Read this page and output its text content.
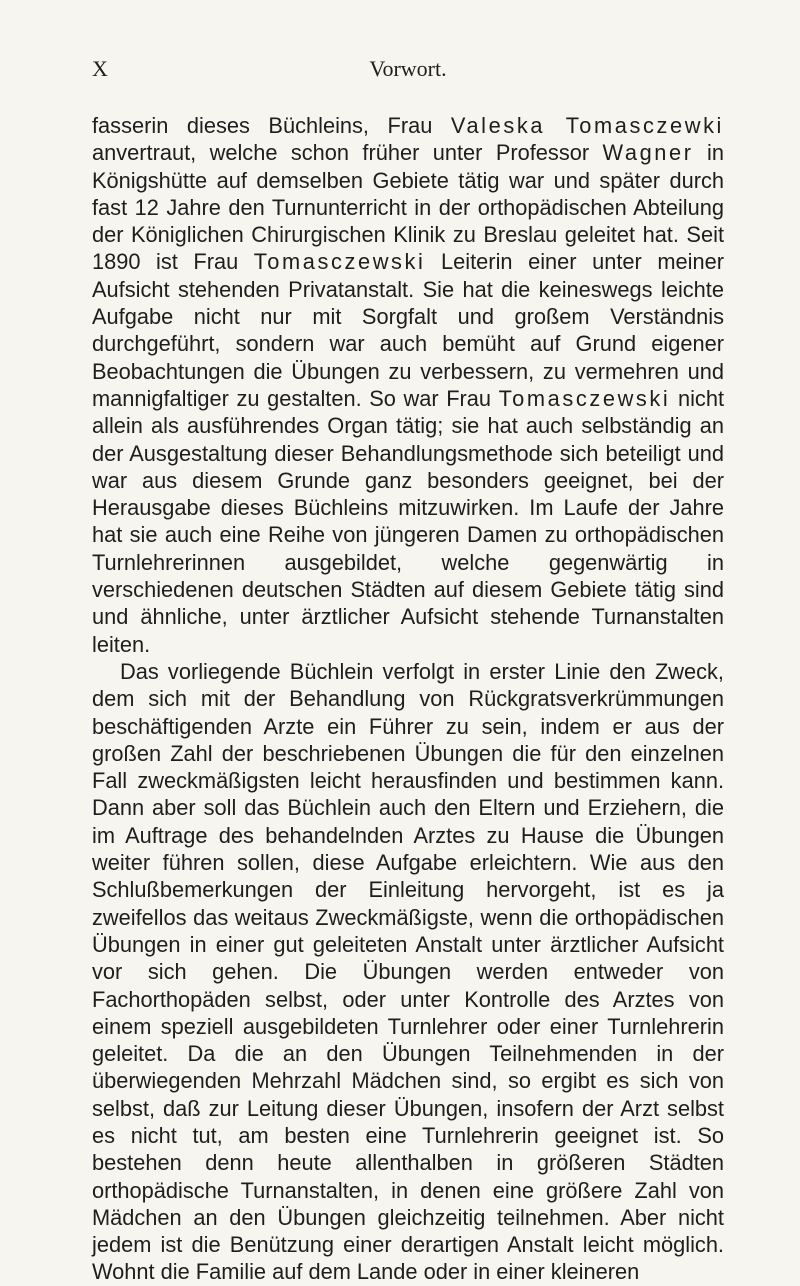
X	Vorwort.

fasserin dieses Büchleins, Frau Valeska Tomasczewki anvertraut, welche schon früher unter Professor Wagner in Königshütte auf demselben Gebiete tätig war und später durch fast 12 Jahre den Turnunterricht in der orthopädischen Abteilung der Königlichen Chirurgischen Klinik zu Breslau geleitet hat. Seit 1890 ist Frau Tomasczewski Leiterin einer unter meiner Aufsicht stehenden Privatanstalt. Sie hat die keineswegs leichte Aufgabe nicht nur mit Sorgfalt und großem Verständnis durchgeführt, sondern war auch bemüht auf Grund eigener Beobachtungen die Übungen zu verbessern, zu vermehren und mannigfaltiger zu gestalten. So war Frau Tomasczewski nicht allein als ausführendes Organ tätig; sie hat auch selbständig an der Ausgestaltung dieser Behandlungsmethode sich beteiligt und war aus diesem Grunde ganz besonders geeignet, bei der Herausgabe dieses Büchleins mitzuwirken. Im Laufe der Jahre hat sie auch eine Reihe von jüngeren Damen zu orthopädischen Turnlehrerinnen ausgebildet, welche gegenwärtig in verschiedenen deutschen Städten auf diesem Gebiete tätig sind und ähnliche, unter ärztlicher Aufsicht stehende Turnanstalten leiten.

Das vorliegende Büchlein verfolgt in erster Linie den Zweck, dem sich mit der Behandlung von Rückgratsverkrümmungen beschäftigenden Arzte ein Führer zu sein, indem er aus der großen Zahl der beschriebenen Übungen die für den einzelnen Fall zweckmäßigsten leicht herausfinden und bestimmen kann. Dann aber soll das Büchlein auch den Eltern und Erziehern, die im Auftrage des behandelnden Arztes zu Hause die Übungen weiter führen sollen, diese Aufgabe erleichtern. Wie aus den Schlußbemerkungen der Einleitung hervorgeht, ist es ja zweifellos das weitaus Zweckmäßigste, wenn die orthopädischen Übungen in einer gut geleiteten Anstalt unter ärztlicher Aufsicht vor sich gehen. Die Übungen werden entweder von Fachorthopäden selbst, oder unter Kontrolle des Arztes von einem speziell ausgebildeten Turnlehrer oder einer Turnlehrerin geleitet. Da die an den Übungen Teilnehmenden in der überwiegenden Mehrzahl Mädchen sind, so ergibt es sich von selbst, daß zur Leitung dieser Übungen, insofern der Arzt selbst es nicht tut, am besten eine Turnlehrerin geeignet ist. So bestehen denn heute allenthalben in größeren Städten orthopädische Turnanstalten, in denen eine größere Zahl von Mädchen an den Übungen gleichzeitig teilnehmen. Aber nicht jedem ist die Benützung einer derartigen Anstalt leicht möglich. Wohnt die Familie auf dem Lande oder in einer kleineren
